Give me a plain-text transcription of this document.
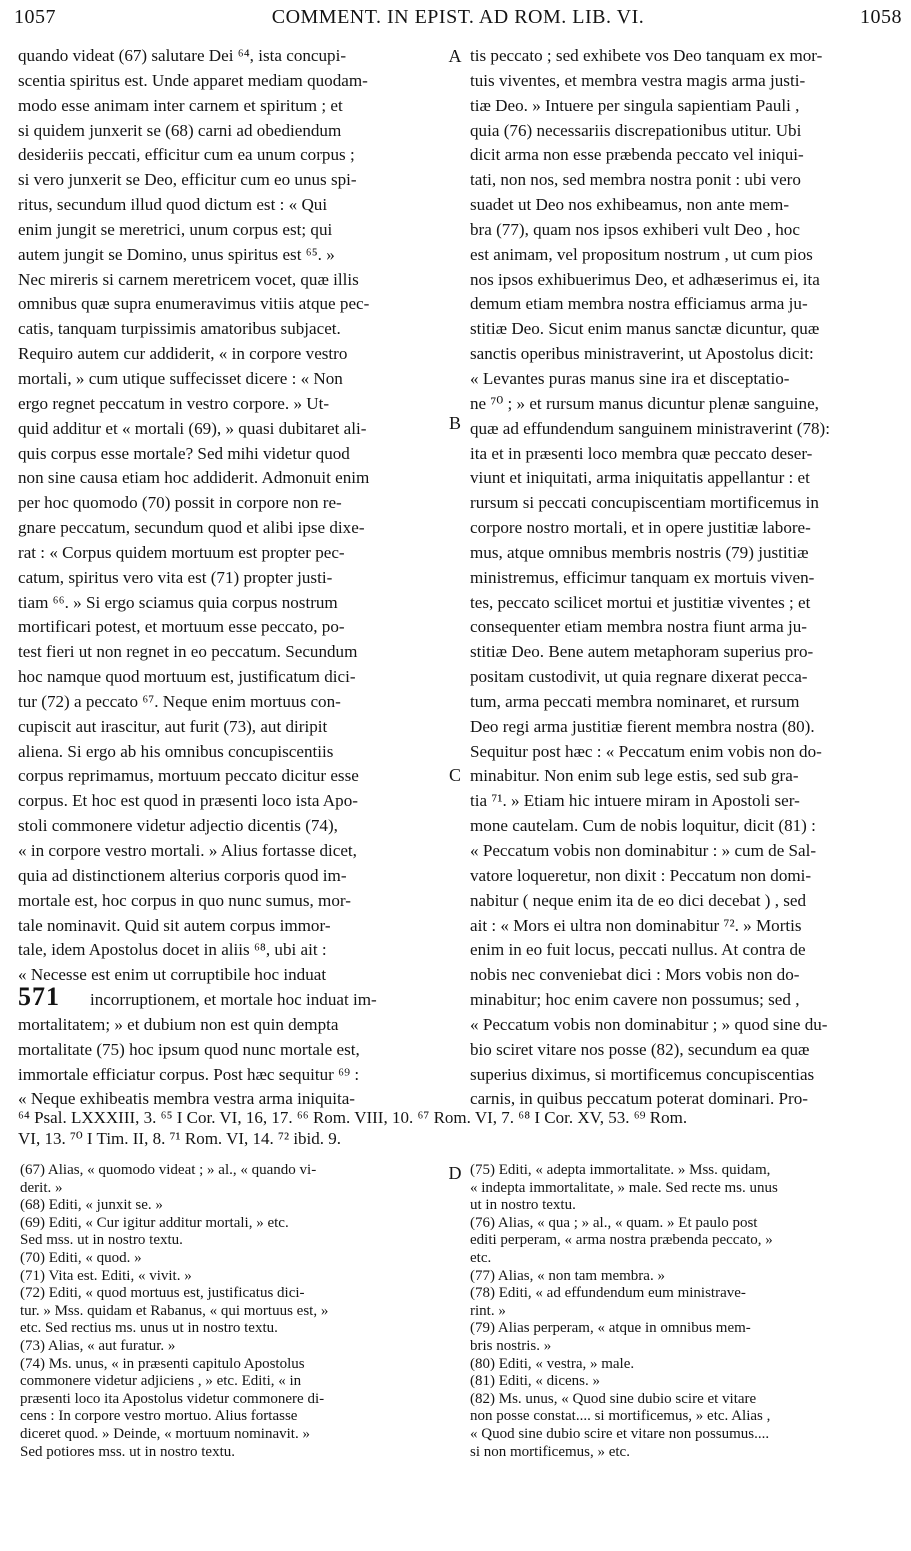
1057	COMMENT. IN EPIST. AD ROM. LIB. VI.	1058
quando videat (67) salutare Dei ⁶⁴, ista concupi-
scentia spiritus est. Unde apparet mediam quodam-
modo esse animam inter carnem et spiritum ; et
si quidem junxerit se (68) carni ad obediendum
desideriis peccati, efficitur cum ea unum corpus ;
si vero junxerit se Deo, efficitur cum eo unus spi-
ritus, secundum illud quod dictum est : « Qui
enim jungit se meretrici, unum corpus est; qui
autem jungit se Domino, unus spiritus est ⁶⁵. »
Nec mireris si carnem meretricem vocet, quæ illis
omnibus quæ supra enumeravimus vitiis atque pec-
catis, tanquam turpissimis amatoribus subjacet.
Requiro autem cur addiderit, « in corpore vestro
mortali, » cum utique suffecisset dicere : « Non
ergo regnet peccatum in vestro corpore. » Ut-
quid additur et « mortali (69), » quasi dubitaret ali-
quis corpus esse mortale? Sed mihi videtur quod
non sine causa etiam hoc addiderit. Admonuit enim
per hoc quomodo (70) possit in corpore non re-
gnare peccatum, secundum quod et alibi ipse dixe-
rat : « Corpus quidem mortuum est propter pec-
catum, spiritus vero vita est (71) propter justi-
tiam ⁶⁶. » Si ergo sciamus quia corpus nostrum
mortificari potest, et mortuum esse peccato, po-
test fieri ut non regnet in eo peccatum. Secundum
hoc namque quod mortuum est, justificatum dici-
tur (72) a peccato ⁶⁷. Neque enim mortuus con-
cupiscit aut irascitur, aut furit (73), aut diripit
aliena. Si ergo ab his omnibus concupiscentiis
corpus reprimamus, mortuum peccato dicitur esse
corpus. Et hoc est quod in præsenti loco ista Apo-
stoli commonere videtur adjectio dicentis (74),
« in corpore vestro mortali. » Alius fortasse dicet,
quia ad distinctionem alterius corporis quod im-
mortale est, hoc corpus in quo nunc sumus, mor-
tale nominavit. Quid sit autem corpus immor-
tale, idem Apostolus docet in aliis ⁶⁸, ubi ait :
« Necesse est enim ut corruptibile hoc induat
incorruptionem, et mortale hoc induat im-
mortalitatem; » et dubium non est quin dempta
mortalitate (75) hoc ipsum quod nunc mortale est,
immortale efficiatur corpus. Post hæc sequitur ⁶⁹ :
« Neque exhibeatis membra vestra arma iniquita-
tis peccato ; sed exhibete vos Deo tanquam ex mor-
tuis viventes, et membra vestra magis arma justi-
tiæ Deo. » Intuere per singula sapientiam Pauli ,
quia (76) necessariis discrepationibus utitur. Ubi
dicit arma non esse præbenda peccato vel iniqui-
tati, non nos, sed membra nostra ponit : ubi vero
suadet ut Deo nos exhibeamus, non ante mem-
bra (77), quam nos ipsos exhiberi vult Deo , hoc
est animam, vel propositum nostrum , ut cum pios
nos ipsos exhibuerimus Deo, et adhæserimus ei, ita
demum etiam membra nostra efficiamus arma ju-
stitiæ Deo. Sicut enim manus sanctæ dicuntur, quæ
sanctis operibus ministraverint, ut Apostolus dicit:
« Levantes puras manus sine ira et disceptatio-
ne ⁷⁰ ; » et rursum manus dicuntur plenæ sanguine,
quæ ad effundendum sanguinem ministraverint (78):
ita et in præsenti loco membra quæ peccato deser-
viunt et iniquitati, arma iniquitatis appellantur : et
rursum si peccati concupiscentiam mortificemus in
corpore nostro mortali, et in opere justitiæ labore-
mus, atque omnibus membris nostris (79) justitiæ
ministremus, efficimur tanquam ex mortuis viven-
tes, peccato scilicet mortui et justitiæ viventes ; et
consequenter etiam membra nostra fiunt arma ju-
stitiæ Deo. Bene autem metaphoram superius pro-
positam custodivit, ut quia regnare dixerat pecca-
tum, arma peccati membra nominaret, et rursum
Deo regi arma justitiæ fierent membra nostra (80).
Sequitur post hæc : « Peccatum enim vobis non do-
minabitur. Non enim sub lege estis, sed sub gra-
tia ⁷¹. » Etiam hic intuere miram in Apostoli ser-
mone cautelam. Cum de nobis loquitur, dicit (81) :
« Peccatum vobis non dominabitur : » cum de Sal-
vatore loqueretur, non dixit : Peccatum non domi-
nabitur ( neque enim ita de eo dici decebat ) , sed
ait : « Mors ei ultra non dominabitur ⁷². » Mortis
enim in eo fuit locus, peccati nullus. At contra de
nobis nec conveniebat dici : Mors vobis non do-
minabitur; hoc enim cavere non possumus; sed ,
« Peccatum vobis non dominabitur ; » quod sine du-
bio sciret vitare nos posse (82), secundum ea quæ
superius diximus, si mortificemus concupiscentias
carnis, in quibus peccatum poterat dominari. Pro-
A
B
C
D
571
⁶⁴ Psal. LXXXIII, 3. ⁶⁵ I Cor. VI, 16, 17. ⁶⁶ Rom. VIII, 10. ⁶⁷ Rom. VI, 7. ⁶⁸ I Cor. XV, 53. ⁶⁹ Rom.
VI, 13. ⁷⁰ I Tim. II, 8. ⁷¹ Rom. VI, 14. ⁷² ibid. 9.
(67) Alias, « quomodo videat ; » al., « quando vi-
derit. »
(68) Editi, « junxit se. »
(69) Editi, « Cur igitur additur mortali, » etc.
Sed mss. ut in nostro textu.
(70) Editi, « quod. »
(71) Vita est. Editi, « vivit. »
(72) Editi, « quod mortuus est, justificatus dici-
tur. » Mss. quidam et Rabanus, « qui mortuus est, »
etc. Sed rectius ms. unus ut in nostro textu.
(73) Alias, « aut furatur. »
(74) Ms. unus, « in præsenti capitulo Apostolus
commonere videtur adjiciens , » etc. Editi, « in
præsenti loco ita Apostolus videtur commonere di-
cens : In corpore vestro mortuo. Alius fortasse
diceret quod. » Deinde, « mortuum nominavit. »
Sed potiores mss. ut in nostro textu.
(75) Editi, « adepta immortalitate. » Mss. quidam,
« indepta immortalitate, » male. Sed recte ms. unus
ut in nostro textu.
(76) Alias, « qua ; » al., « quam. » Et paulo post
editi perperam, « arma nostra præbenda peccato, »
etc.
(77) Alias, « non tam membra. »
(78) Editi, « ad effundendum eum ministrave-
rint. »
(79) Alias perperam, « atque in omnibus mem-
bris nostris. »
(80) Editi, « vestra, » male.
(81) Editi, « dicens. »
(82) Ms. unus, « Quod sine dubio scire et vitare
non posse constat.... si mortificemus, » etc. Alias ,
« Quod sine dubio scire et vitare non possumus....
si non mortificemus, » etc.
